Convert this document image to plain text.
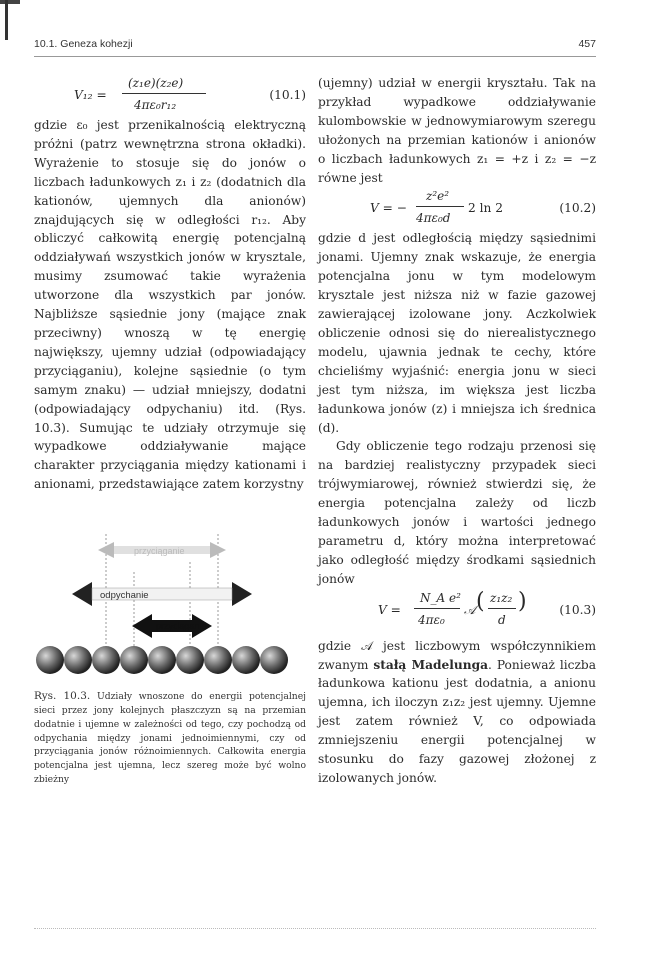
10.1. Geneza kohezji	457
V₁₂ =
(z₁e)(z₂e)
4πε₀r₁₂
(10.1)

gdzie ε₀ jest przenikalnością elektryczną próżni (patrz wewnętrzna strona okładki). Wyrażenie to stosuje się do jonów o liczbach ładunkowych z₁ i z₂ (dodatnich dla kationów, ujemnych dla anionów) znajdujących się w odległości r₁₂. Aby obliczyć całkowitą energię potencjalną oddziaływań wszystkich jonów w krysztale, musimy zsumować takie wyrażenia utworzone dla wszystkich par jonów. Najbliższe sąsiednie jony (mające znak przeciwny) wnoszą w tę energię największy, ujemny udział (odpowiadający przyciąganiu), kolejne sąsiednie (o tym samym znaku) — udział mniejszy, dodatni (odpowiadający odpychaniu) itd. (Rys. 10.3). Sumując te udziały otrzymuje się wypadkowe oddziaływanie mające charakter przyciągania między kationami i anionami, przedstawiające zatem korzystny

przyciąganie
odpychanie
przyciąganie
Rys. 10.3. Udziały wnoszone do energii potencjalnej sieci przez jony kolejnych płaszczyzn są na przemian dodatnie i ujemne w zależności od tego, czy pochodzą od odpychania między jonami jednoimiennymi, czy od przyciągania jonów różnoimiennych. Całkowita energia potencjalna jest ujemna, lecz szereg może być wolno zbieżny

(ujemny) udział w energii kryształu. Tak na przykład wypadkowe oddziaływanie kulombowskie w jednowymiarowym szeregu ułożonych na przemian kationów i anionów o liczbach ładunkowych z₁ = +z i z₂ = −z równe jest

V = −
z²e²
4πε₀d
2 ln 2	(10.2)

gdzie d jest odległością między sąsiednimi jonami. Ujemny znak wskazuje, że energia potencjalna jonu w tym modelowym krysztale jest niższa niż w fazie gazowej zawierającej izolowane jony. Aczkolwiek obliczenie odnosi się do nierealistycznego modelu, ujawnia jednak te cechy, które chcieliśmy wyjaśnić: energia jonu w sieci jest tym niższa, im większa jest liczba ładunkowa jonów (z) i mniejsza ich średnica (d).

Gdy obliczenie tego rodzaju przenosi się na bardziej realistyczny przypadek sieci trójwymiarowej, również stwierdzi się, że energia potencjalna zależy od liczb ładunkowych jonów i wartości jednego parametru d, który można interpretować jako odległość między środkami sąsiednich jonów

V =
N_A e²
4πε₀
𝒜 ( z₁z₂
d
)	(10.3)

gdzie 𝒜 jest liczbowym współczynnikiem zwanym stałą Madelunga. Ponieważ liczba ładunkowa kationu jest dodatnia, a anionu ujemna, ich iloczyn z₁z₂ jest ujemny. Ujemne jest zatem również V, co odpowiada zmniejszeniu energii potencjalnej w stosunku do fazy gazowej złożonej z izolowanych jonów.
